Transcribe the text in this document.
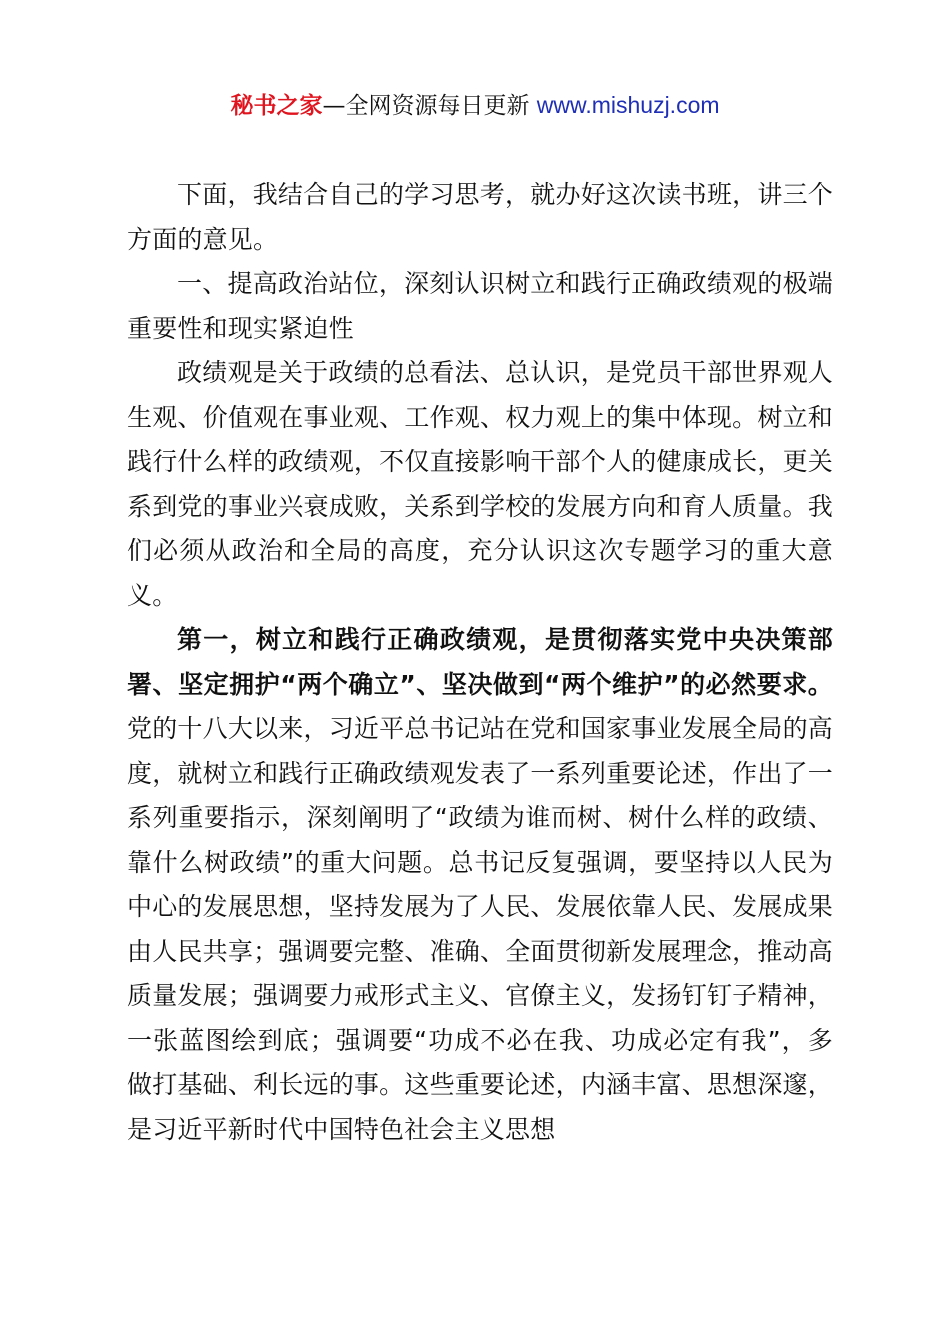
秘书之家—全网资源每日更新 www.mishuzj.com

下面，我结合自己的学习思考，就办好这次读书班，讲三个方面的意见。

一、提高政治站位，深刻认识树立和践行正确政绩观的极端重要性和现实紧迫性

政绩观是关于政绩的总看法、总认识，是党员干部世界观人生观、价值观在事业观、工作观、权力观上的集中体现。树立和践行什么样的政绩观，不仅直接影响干部个人的健康成长，更关系到党的事业兴衰成败，关系到学校的发展方向和育人质量。我们必须从政治和全局的高度，充分认识这次专题学习的重大意义。

第一，树立和践行正确政绩观，是贯彻落实党中央决策部署、坚定拥护“两个确立”、坚决做到“两个维护”的必然要求。党的十八大以来，习近平总书记站在党和国家事业发展全局的高度，就树立和践行正确政绩观发表了一系列重要论述，作出了一系列重要指示，深刻阐明了“政绩为谁而树、树什么样的政绩、靠什么树政绩”的重大问题。总书记反复强调，要坚持以人民为中心的发展思想，坚持发展为了人民、发展依靠人民、发展成果由人民共享；强调要完整、准确、全面贯彻新发展理念，推动高质量发展；强调要力戒形式主义、官僚主义，发扬钉钉子精神，一张蓝图绘到底；强调要“功成不必在我、功成必定有我”，多做打基础、利长远的事。这些重要论述，内涵丰富、思想深邃，是习近平新时代中国特色社会主义思想
